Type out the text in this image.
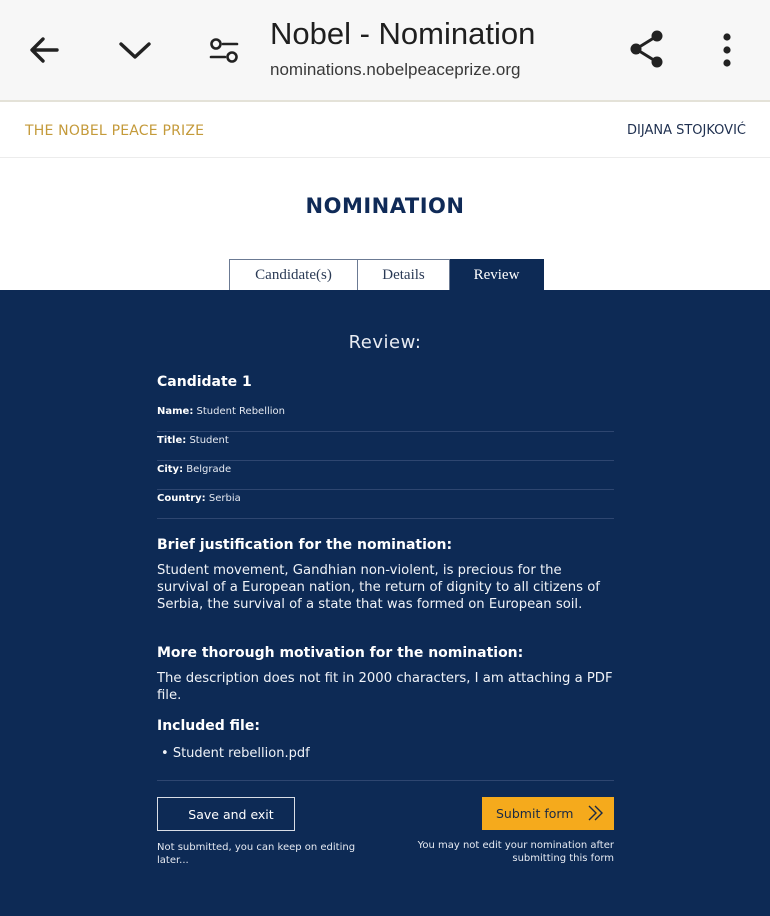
Nobel - Nomination
nominations.nobelpeaceprize.org
THE NOBEL PEACE PRIZE	DIJANA STOJKOVIĆ
NOMINATION
Candidate(s)	Details	Review
Review:
Candidate 1
Name: Student Rebellion
Title: Student
City: Belgrade
Country: Serbia
Brief justification for the nomination:
Student movement, Gandhian non-violent, is precious for the survival of a European nation, the return of dignity to all citizens of Serbia, the survival of a state that was formed on European soil.
More thorough motivation for the nomination:
The description does not fit in 2000 characters, I am attaching a PDF file.
Included file:
• Student rebellion.pdf
Save and exit
Not submitted, you can keep on editing later...
Submit form
You may not edit your nomination after submitting this form
